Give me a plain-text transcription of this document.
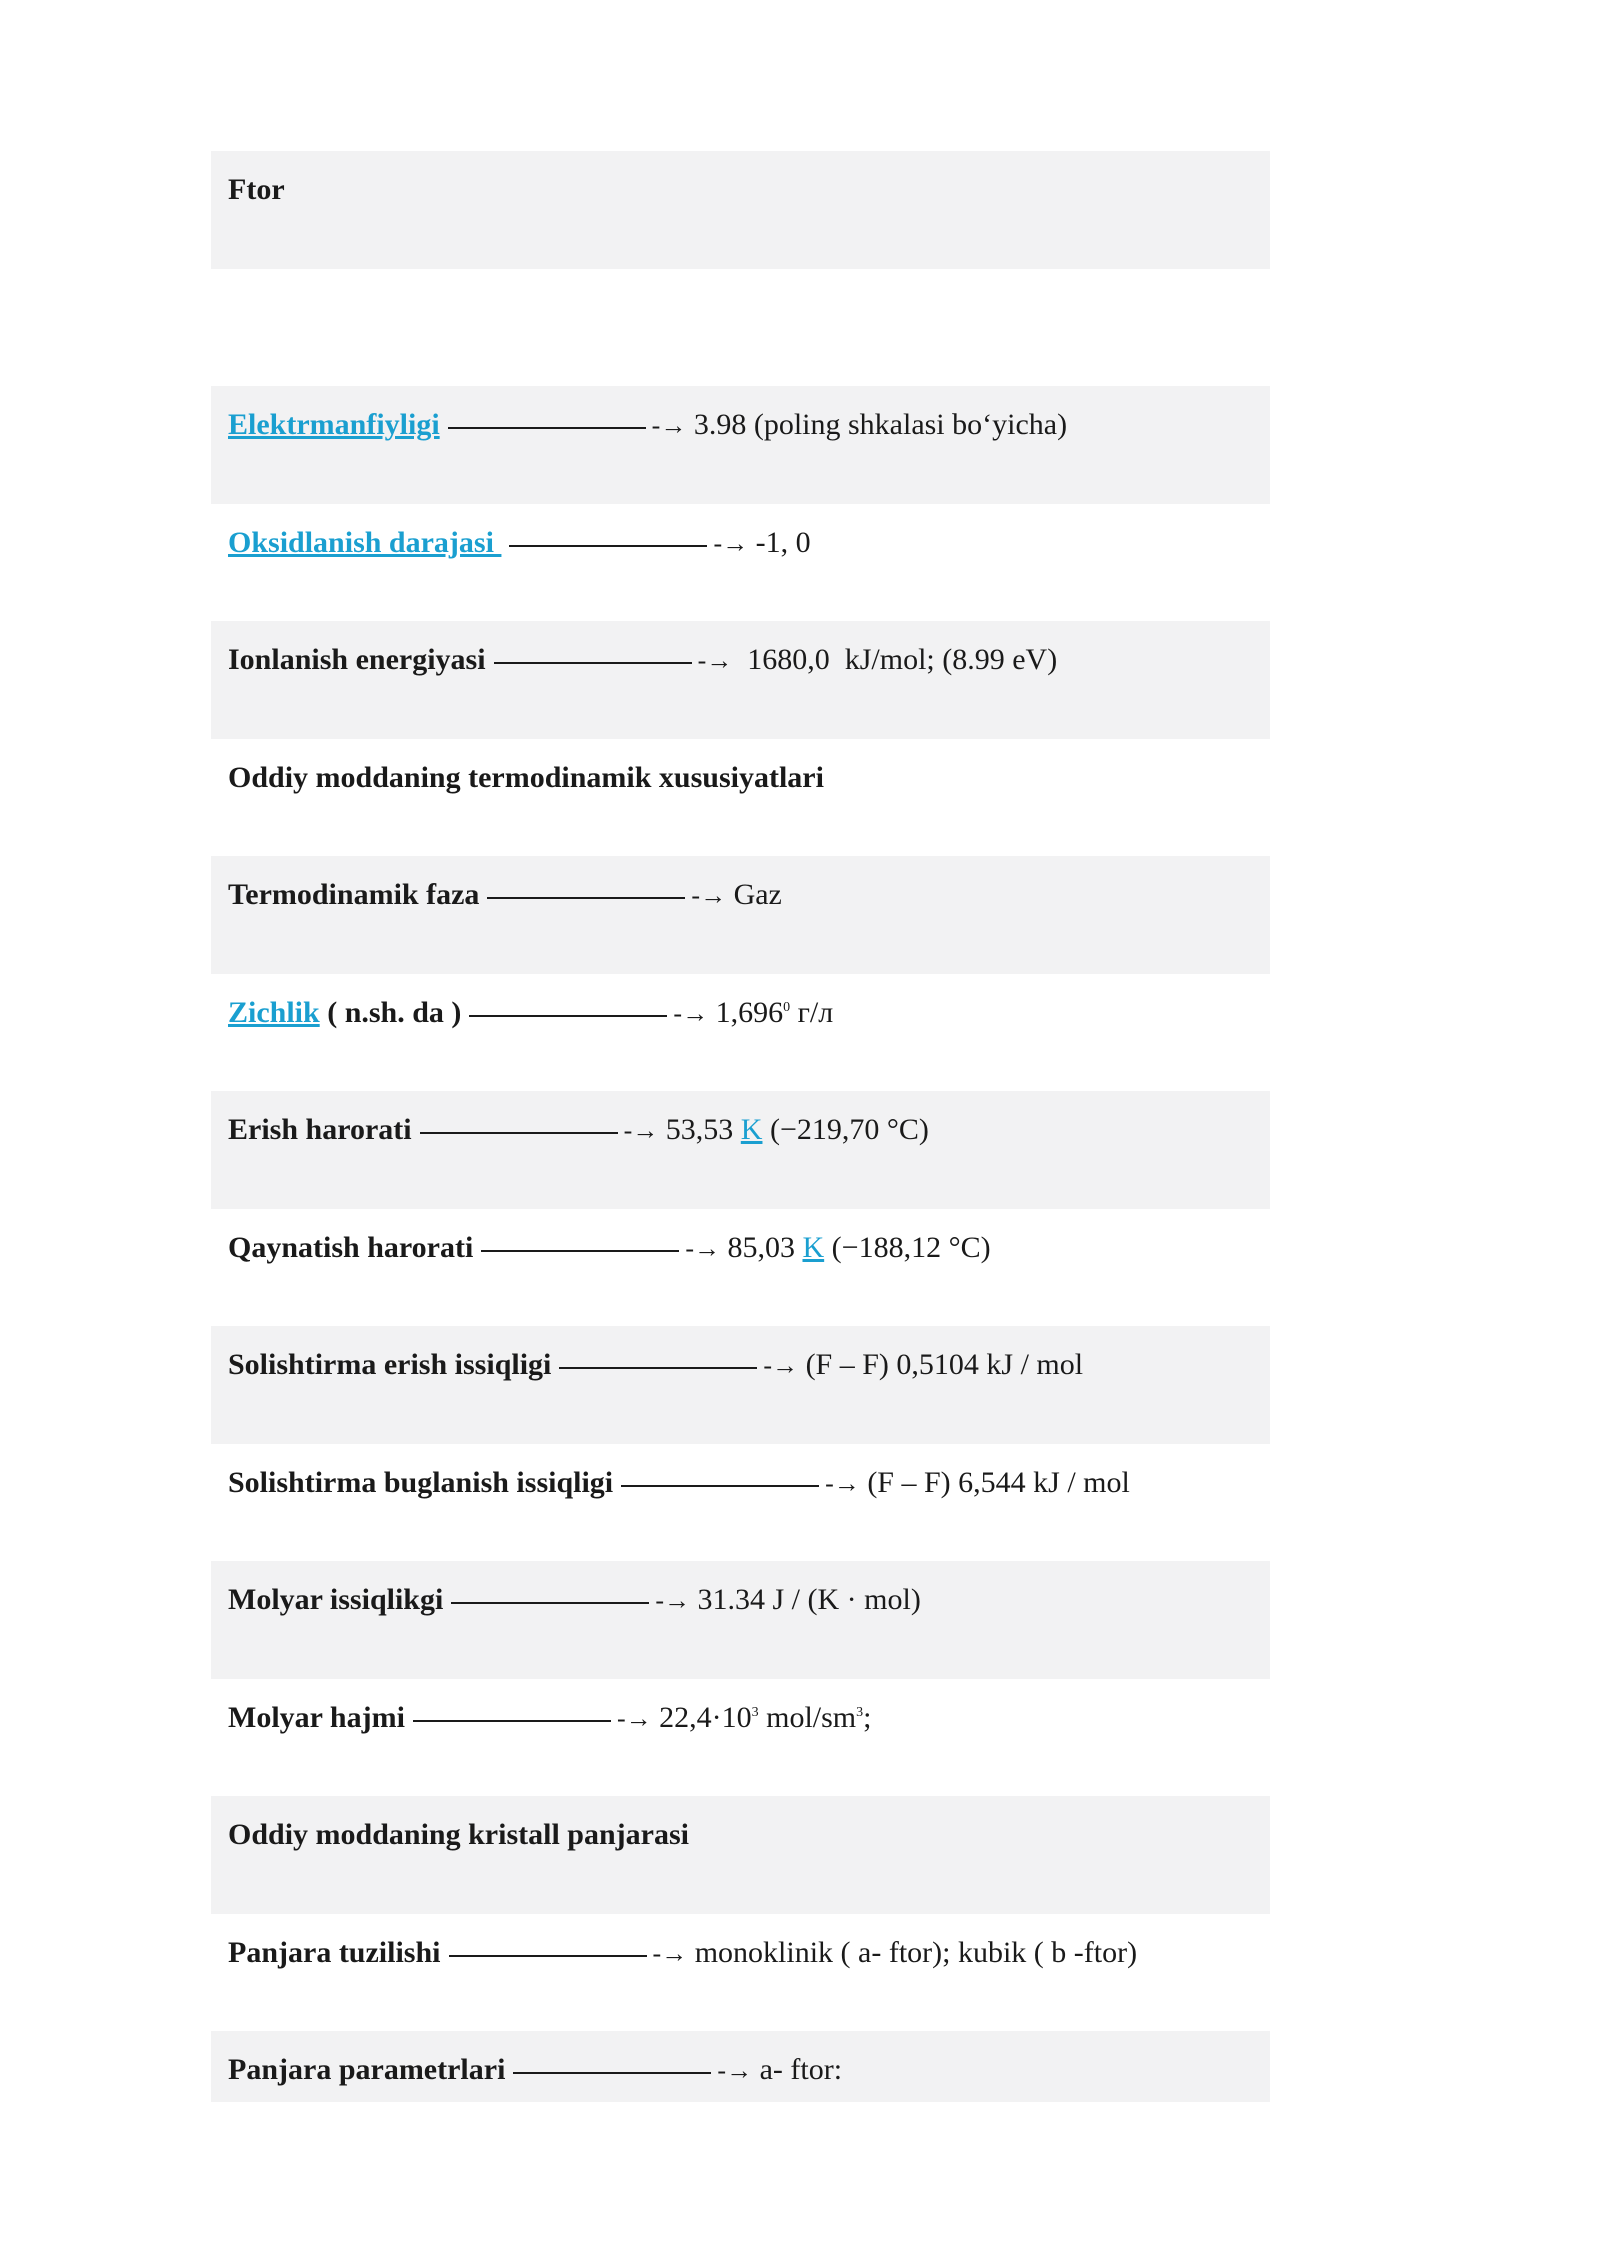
Ftor
Elektrmanfiyligi	-→ 3.98 (poling shkalasi bo‘yicha)
Oksidlanish darajasi	-→ -1, 0
Ionlanish energiyasi	-→  1680,0  kJ/mol; (8.99 eV)
Oddiy moddaning termodinamik xususiyatlari
Termodinamik faza	-→ Gaz
Zichlik ( n.sh. da )	-→ $1,696^0$ г/л
Erish harorati	-→ 53,53 K (−219,70 °C)
Qaynatish harorati	-→ 85,03 K (−188,12 °C)
Solishtirma erish issiqligi	-→ (F – F) 0,5104 kJ / mol
Solishtirma buglanish issiqligi	-→ (F – F) 6,544 kJ / mol
Molyar issiqlikgi	-→ 31.34 J / (K · mol)
Molyar hajmi	-→ $22,4\cdot 10^3$ mol/$sm^3$;
Oddiy moddaning kristall panjarasi
Panjara tuzilishi	-→ monoklinik ( a- ftor); kubik ( b -ftor)
Panjara parametrlari	-→ a- ftor:
